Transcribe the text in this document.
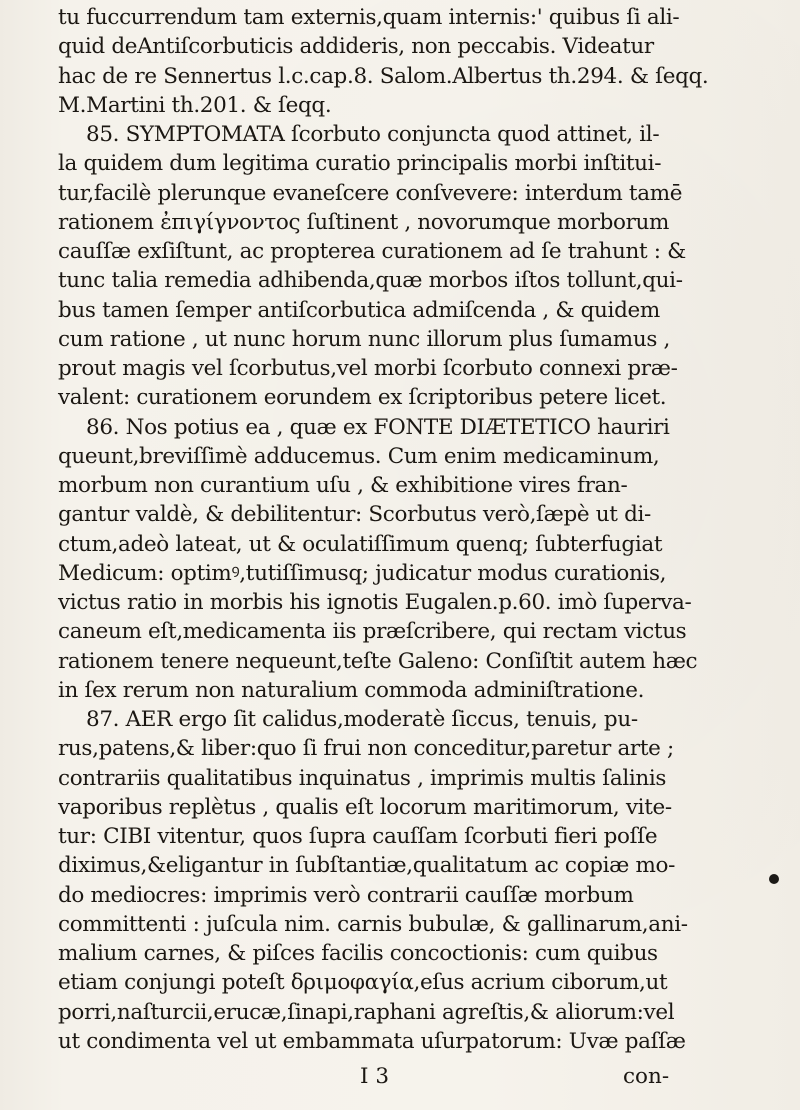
tu fuccurrendum tam externis,quam internis:' quibus ſi ali-
quid deAntiſcorbuticis addideris, non peccabis. Videatur
hac de re Sennertus l.c.cap.8. Salom.Albertus th.294. & ſeqq.
M.Martini th.201. & ſeqq.
85. SYMPTOMATA ſcorbuto conjuncta quod attinet, il-
la quidem dum legitima curatio principalis morbi inſtitui-
tur,facilè plerunque evaneſcere conſvevere: interdum tamē
rationem ἐπιγίγνοντος ſuſtinent , novorumque morborum
cauſſæ exſiſtunt, ac propterea curationem ad ſe trahunt : &
tunc talia remedia adhibenda,quæ morbos iſtos tollunt,qui-
bus tamen ſemper antiſcorbutica admiſcenda , & quidem
cum ratione , ut nunc horum nunc illorum plus ſumamus ,
prout magis vel ſcorbutus,vel morbi ſcorbuto connexi præ-
valent: curationem eorundem ex ſcriptoribus petere licet.
86. Nos potius ea , quæ ex FONTE DIÆTETICO hauriri
queunt,breviſſimè adducemus. Cum enim medicaminum,
morbum non curantium uſu , & exhibitione vires fran-
gantur valdè, & debilitentur: Scorbutus verò,ſæpè ut di-
ctum,adeò lateat, ut & oculatiſſimum quenq; ſubterfugiat
Medicum: optimꝰ,tutiſſimusq; judicatur modus curationis,
victus ratio in morbis his ignotis Eugalen.p.60. imò ſuperva-
caneum eſt,medicamenta iis præſcribere, qui rectam victus
rationem tenere nequeunt,teſte Galeno: Conſiſtit autem hæc
in ſex rerum non naturalium commoda adminiſtratione.
87. AER ergo ſit calidus,moderatè ſiccus, tenuis, pu-
rus,patens,& liber:quo ſi frui non conceditur,paretur arte ;
contrariis qualitatibus inquinatus , imprimis multis ſalinis
vaporibus replètus , qualis eſt locorum maritimorum, vite-
tur: CIBI vitentur, quos ſupra cauſſam ſcorbuti fieri poſſe
diximus,&eligantur in ſubſtantiæ,qualitatum ac copiæ mo-
do mediocres: imprimis verò contrarii cauſſæ morbum
committenti : juſcula nim. carnis bubulæ, & gallinarum,ani-
malium carnes, & piſces facilis concoctionis: cum quibus
etiam conjungi poteſt δριμοφαγία,eſus acrium ciborum,ut
porri,naſturcii,erucæ,ſinapi,raphani agreſtis,& aliorum:vel
ut condimenta vel ut embammata uſurpatorum: Uvæ paſſæ
I 3	con-
